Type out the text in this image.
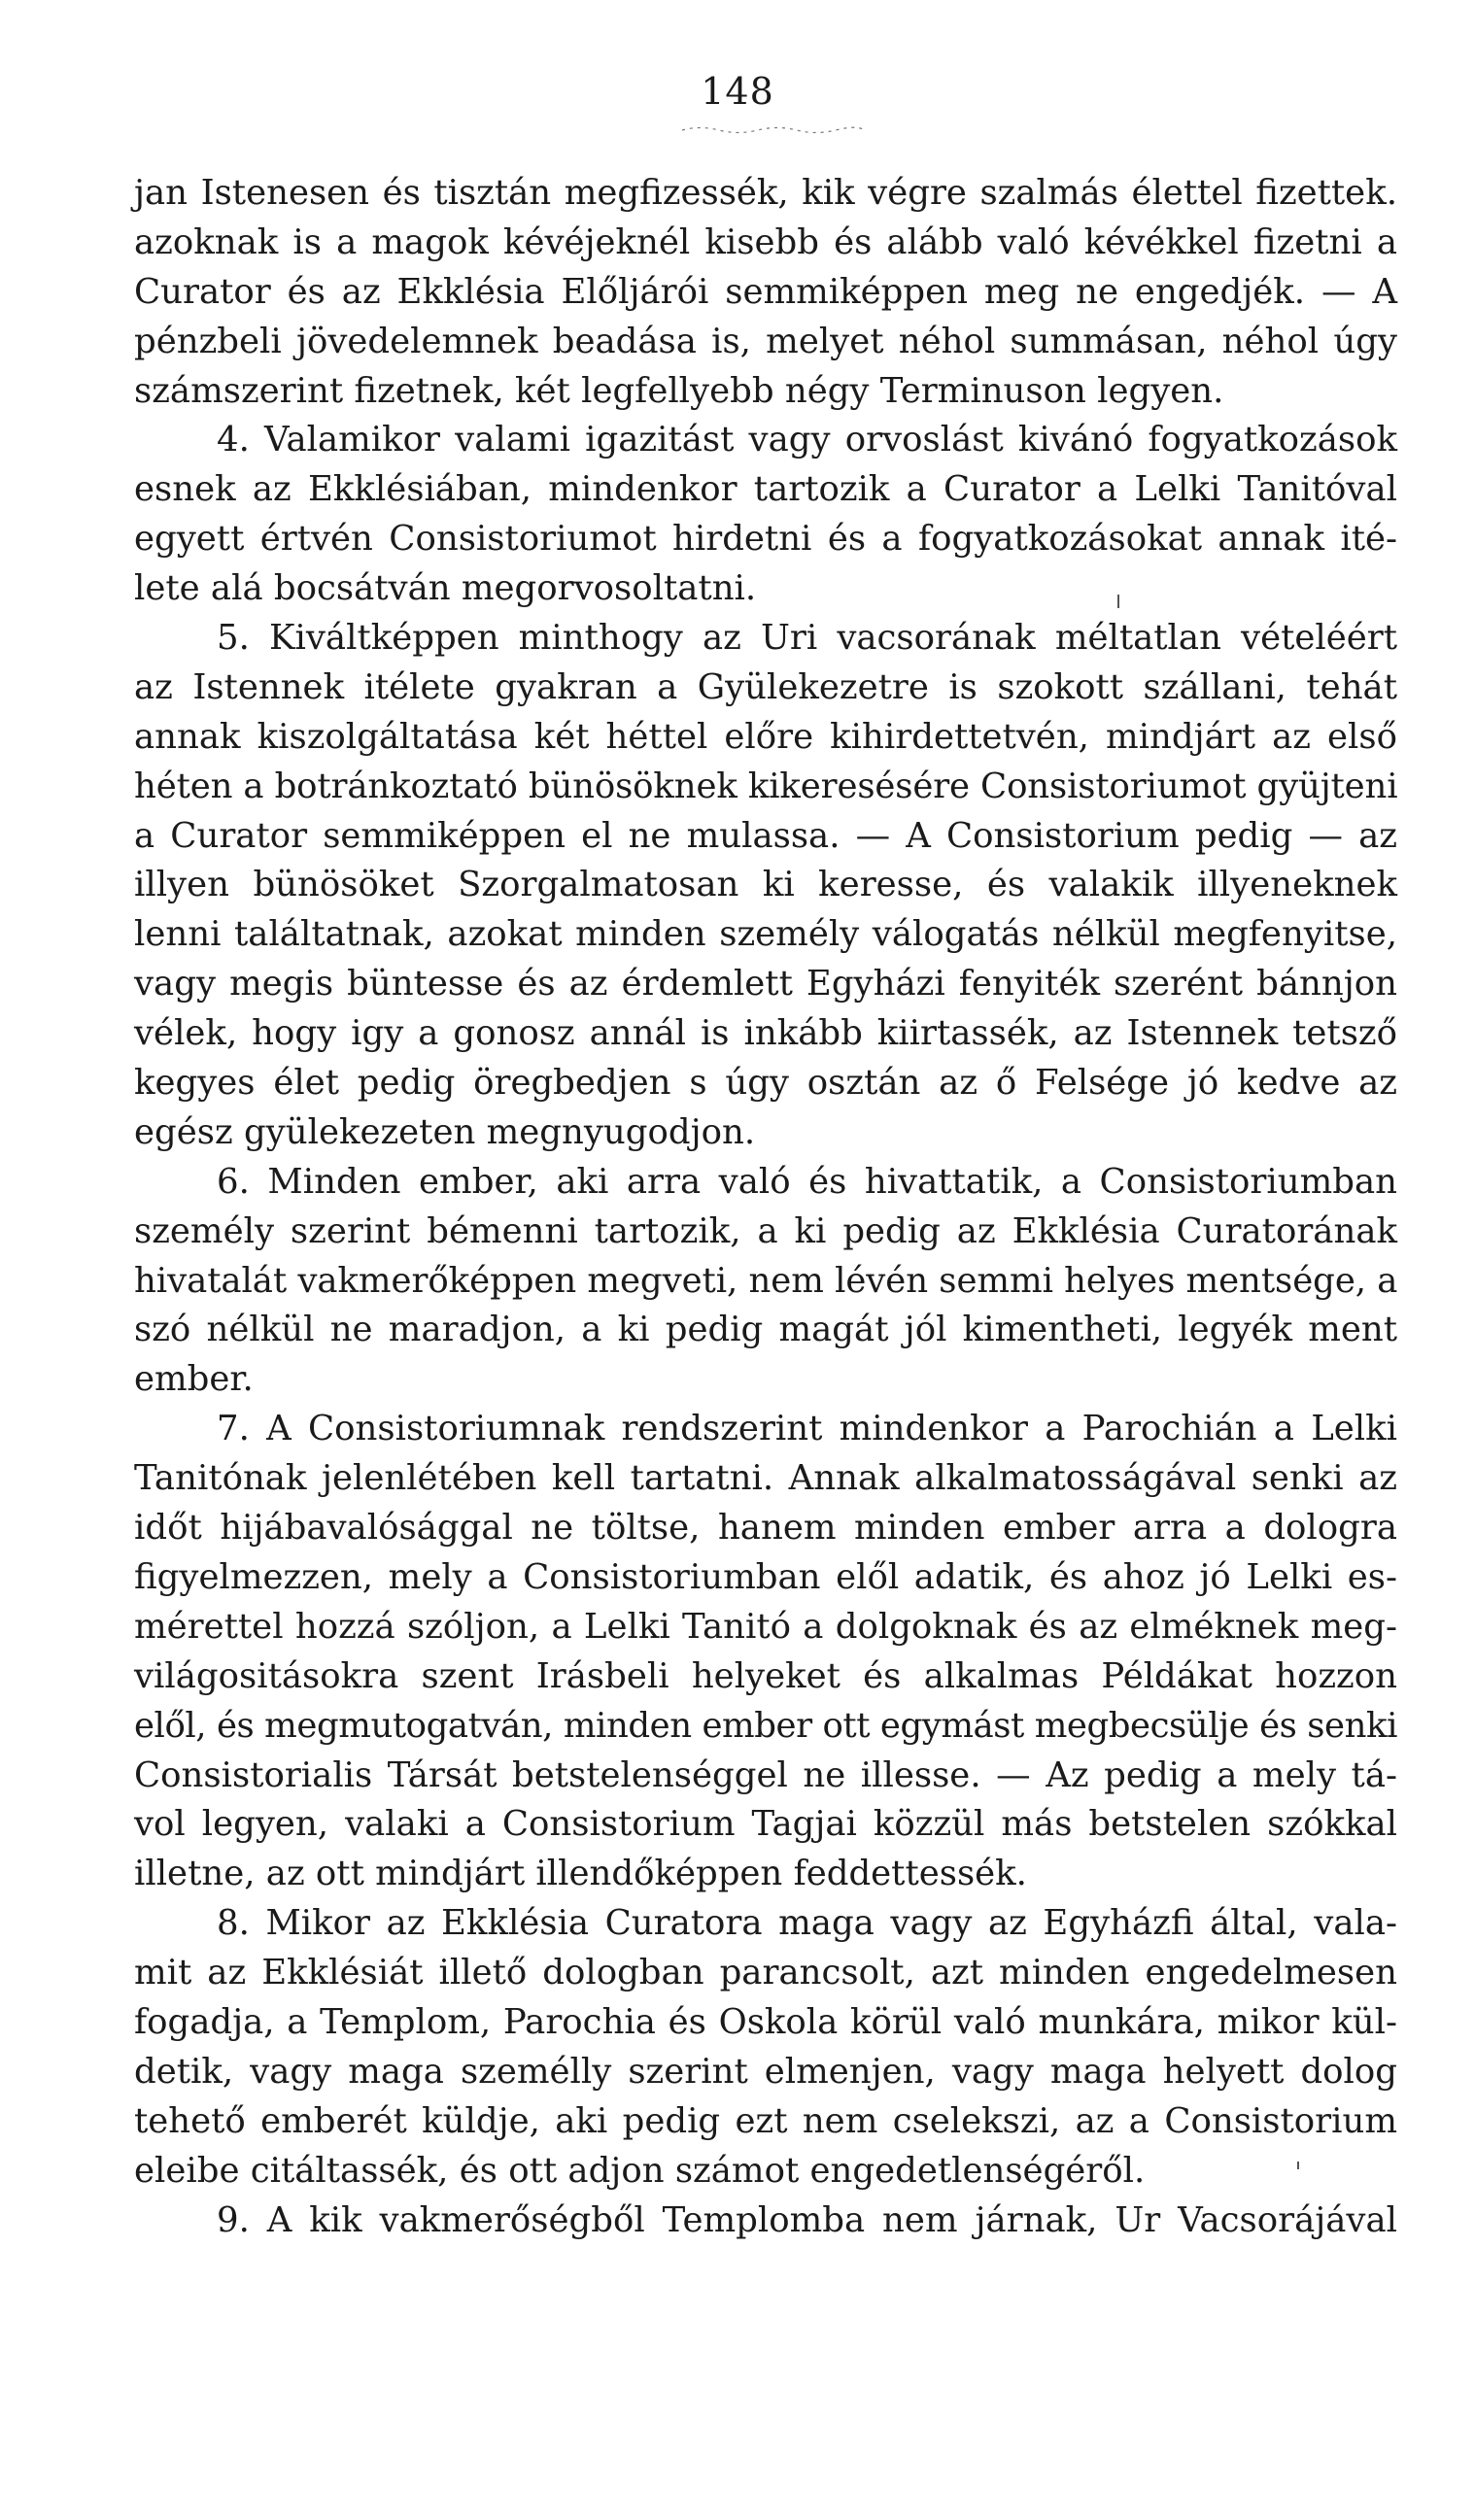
148
jan Istenesen és tisztán megfizessék, kik végre szalmás élettel fizettek.
azoknak is a magok kévéjeknél kisebb és alább való kévékkel fizetni a
Curator és az Ekklésia Előljárói semmiképpen meg ne engedjék. — A
pénzbeli jövedelemnek beadása is, melyet néhol summásan, néhol úgy
számszerint fizetnek, két legfellyebb négy Terminuson legyen.
4. Valamikor valami igazitást vagy orvoslást kivánó fogyatkozások
esnek az Ekklésiában, mindenkor tartozik a Curator a Lelki Tanitóval
egyett értvén Consistoriumot hirdetni és a fogyatkozásokat annak ité-
lete alá bocsátván megorvosoltatni.
5. Kiváltképpen minthogy az Uri vacsorának méltatlan vételéért
az Istennek itélete gyakran a Gyülekezetre is szokott szállani, tehát
annak kiszolgáltatása két héttel előre kihirdettetvén, mindjárt az első
héten a botránkoztató bünösöknek kikeresésére Consistoriumot gyüjteni
a Curator semmiképpen el ne mulassa. — A Consistorium pedig — az
illyen bünösöket Szorgalmatosan ki keresse, és valakik illyeneknek
lenni találtatnak, azokat minden személy válogatás nélkül megfenyitse,
vagy megis büntesse és az érdemlett Egyházi fenyiték szerént bánnjon
vélek, hogy igy a gonosz annál is inkább kiirtassék, az Istennek tetsző
kegyes élet pedig öregbedjen s úgy osztán az ő Felsége jó kedve az
egész gyülekezeten megnyugodjon.
6. Minden ember, aki arra való és hivattatik, a Consistoriumban
személy szerint bémenni tartozik, a ki pedig az Ekklésia Curatorának
hivatalát vakmerőképpen megveti, nem lévén semmi helyes mentsége, a
szó nélkül ne maradjon, a ki pedig magát jól kimentheti, legyék ment
ember.
7. A Consistoriumnak rendszerint mindenkor a Parochián a Lelki
Tanitónak jelenlétében kell tartatni. Annak alkalmatosságával senki az
időt hijábavalósággal ne töltse, hanem minden ember arra a dologra
figyelmezzen, mely a Consistoriumban elől adatik, és ahoz jó Lelki es-
mérettel hozzá szóljon, a Lelki Tanitó a dolgoknak és az elméknek meg-
világositásokra szent Irásbeli helyeket és alkalmas Példákat hozzon
elől, és megmutogatván, minden ember ott egymást megbecsülje és senki
Consistorialis Társát betstelenséggel ne illesse. — Az pedig a mely tá-
vol legyen, valaki a Consistorium Tagjai közzül más betstelen szókkal
illetne, az ott mindjárt illendőképpen feddettessék.
8. Mikor az Ekklésia Curatora maga vagy az Egyházfi által, vala-
mit az Ekklésiát illető dologban parancsolt, azt minden engedelmesen
fogadja, a Templom, Parochia és Oskola körül való munkára, mikor kül-
detik, vagy maga személly szerint elmenjen, vagy maga helyett dolog
tehető emberét küldje, aki pedig ezt nem cselekszi, az a Consistorium
eleibe citáltassék, és ott adjon számot engedetlenségéről.
9. A kik vakmerőségből Templomba nem járnak, Ur Vacsorájával
